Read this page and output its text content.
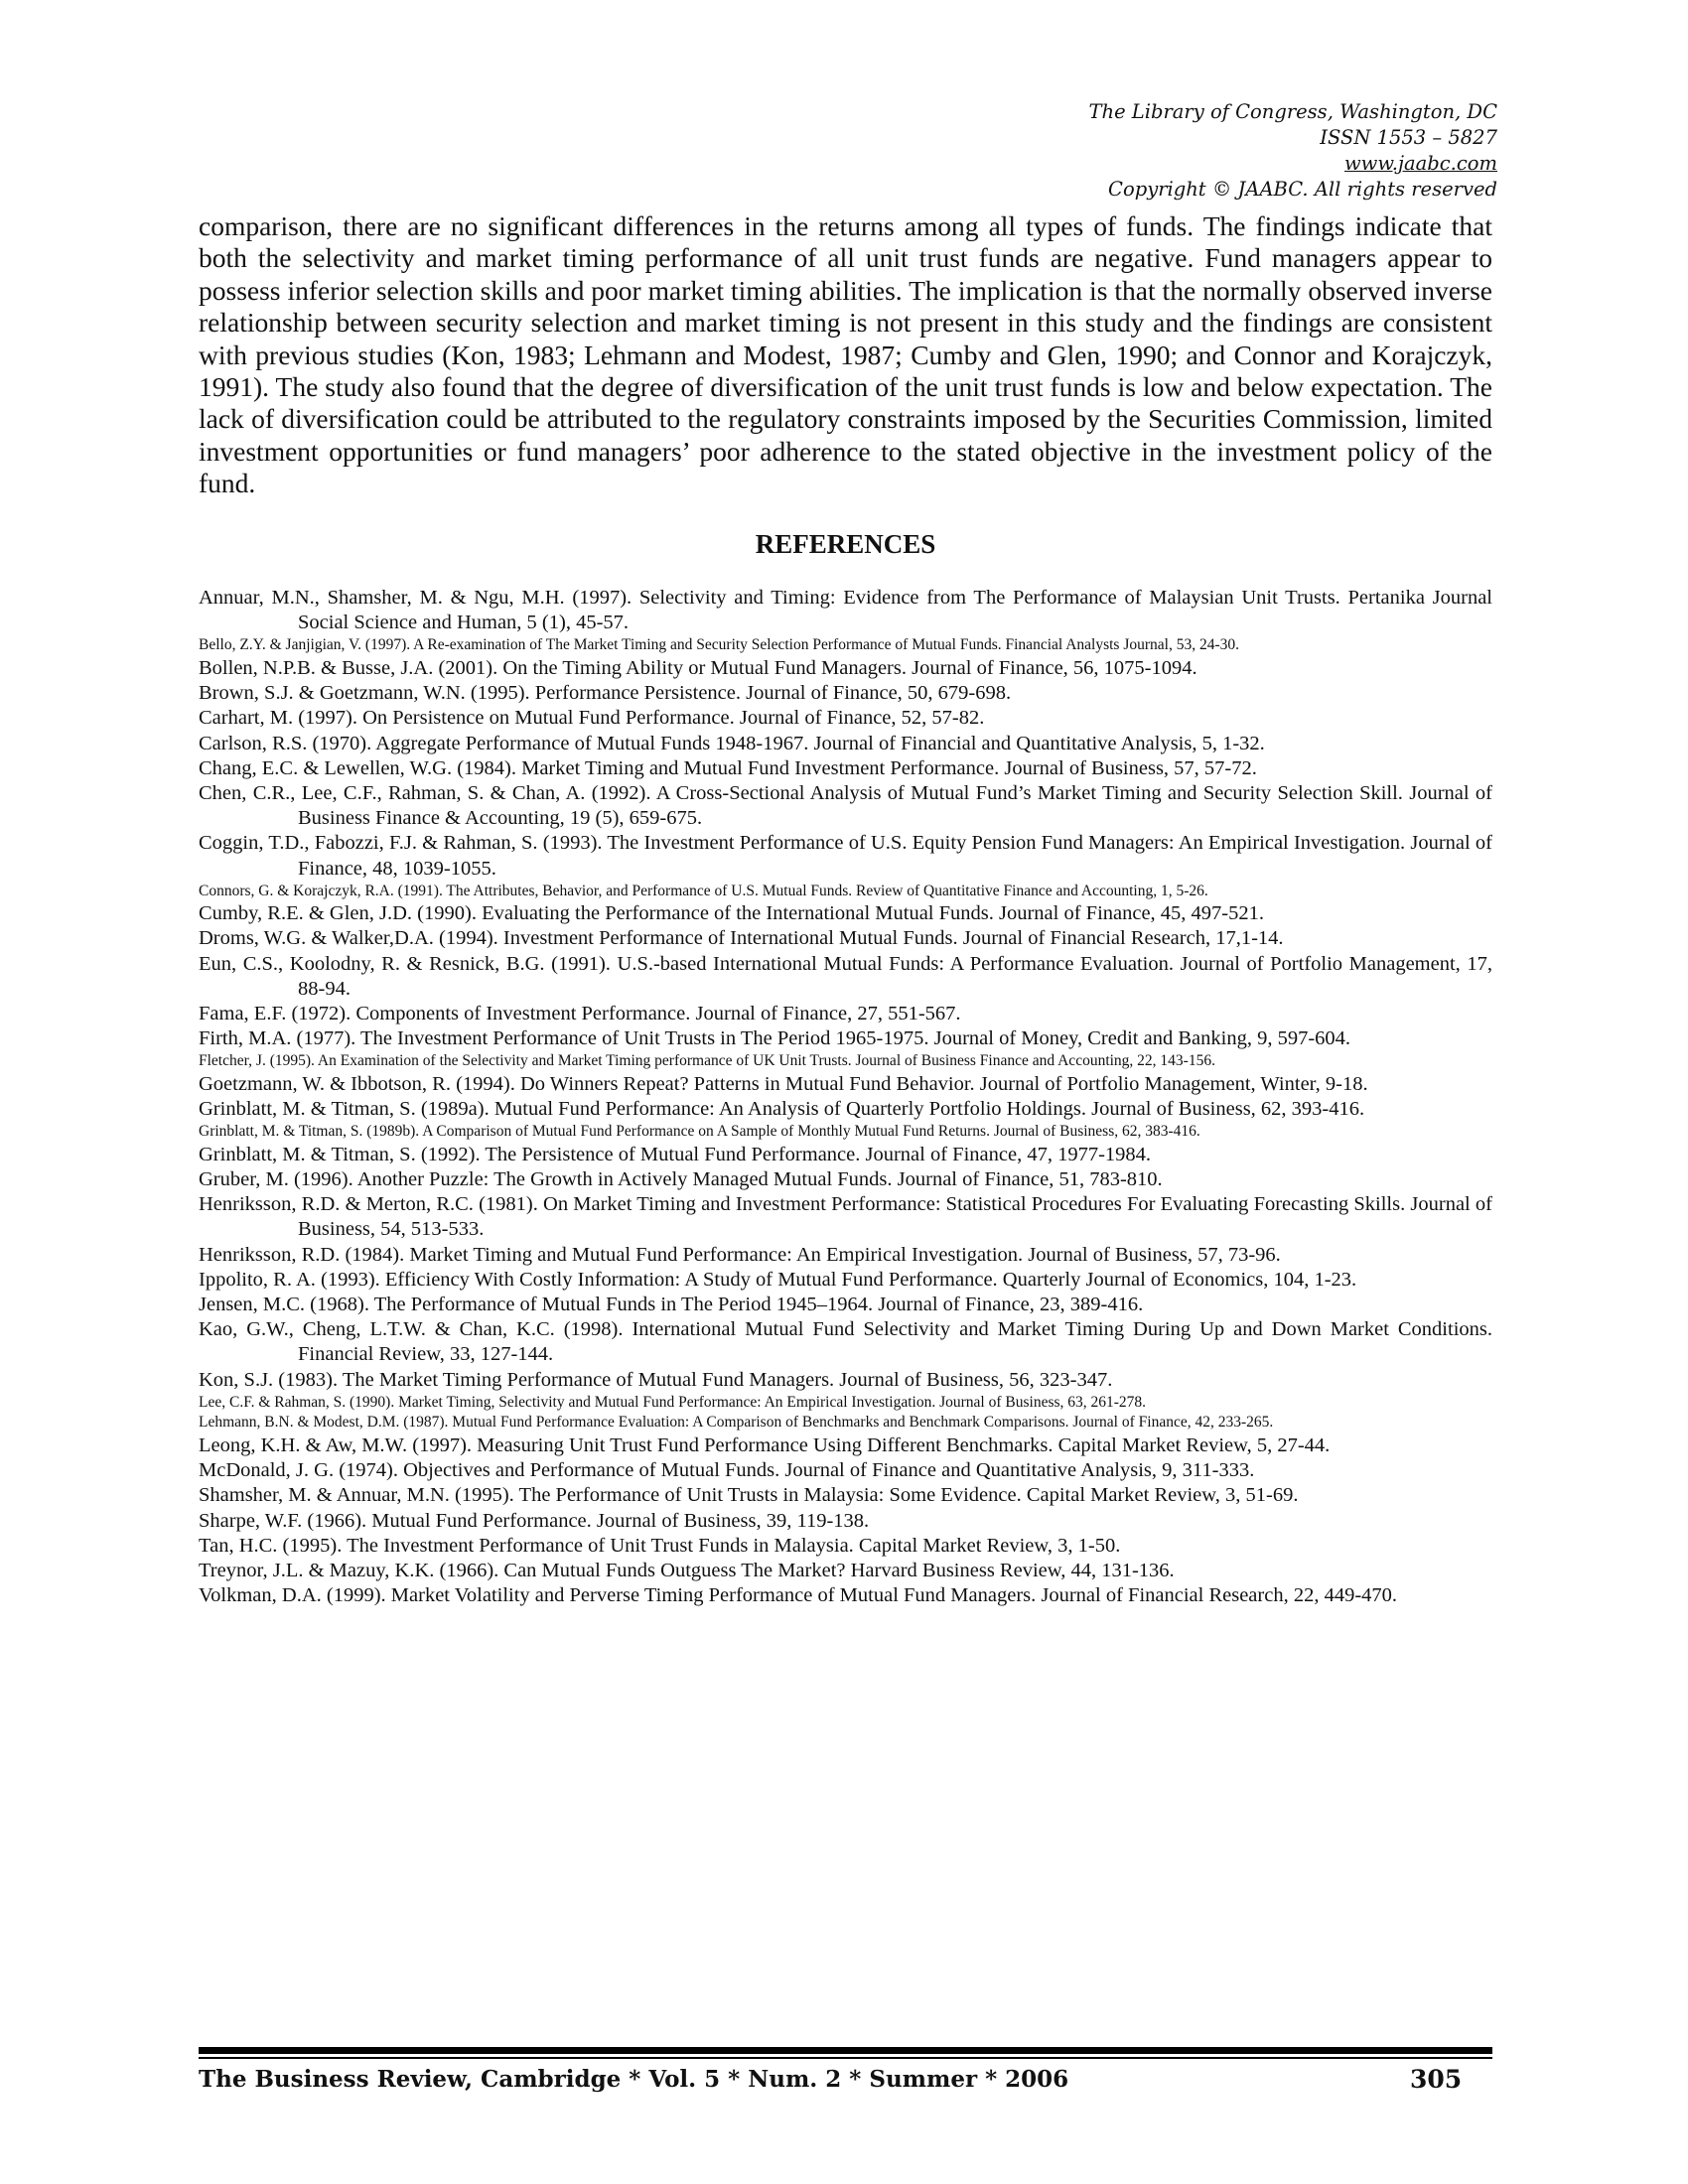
The Library of Congress, Washington, DC
ISSN 1553 – 5827
www.jaabc.com
Copyright © JAABC. All rights reserved

comparison, there are no significant differences in the returns among all types of funds. The findings indicate that both the selectivity and market timing performance of all unit trust funds are negative. Fund managers appear to possess inferior selection skills and poor market timing abilities. The implication is that the normally observed inverse relationship between security selection and market timing is not present in this study and the findings are consistent with previous studies (Kon, 1983; Lehmann and Modest, 1987; Cumby and Glen, 1990; and Connor and Korajczyk, 1991). The study also found that the degree of diversification of the unit trust funds is low and below expectation. The lack of diversification could be attributed to the regulatory constraints imposed by the Securities Commission, limited investment opportunities or fund managers’ poor adherence to the stated objective in the investment policy of the fund.

REFERENCES
Annuar, M.N., Shamsher, M. & Ngu, M.H. (1997). Selectivity and Timing: Evidence from The Performance of Malaysian Unit Trusts. Pertanika Journal Social Science and Human, 5 (1), 45-57.
Bello, Z.Y. & Janjigian, V. (1997). A Re-examination of The Market Timing and Security Selection Performance of Mutual Funds. Financial Analysts Journal, 53, 24-30.
Bollen, N.P.B. & Busse, J.A. (2001). On the Timing Ability or Mutual Fund Managers. Journal of Finance, 56, 1075-1094.
Brown, S.J. & Goetzmann, W.N. (1995). Performance Persistence. Journal of Finance, 50, 679-698.
Carhart, M. (1997). On Persistence on Mutual Fund Performance. Journal of Finance, 52, 57-82.
Carlson, R.S. (1970). Aggregate Performance of Mutual Funds 1948-1967. Journal of Financial and Quantitative Analysis, 5, 1-32.
Chang, E.C. & Lewellen, W.G. (1984). Market Timing and Mutual Fund Investment Performance. Journal of Business, 57, 57-72.
Chen, C.R., Lee, C.F., Rahman, S. & Chan, A. (1992). A Cross-Sectional Analysis of Mutual Fund’s Market Timing and Security Selection Skill. Journal of Business Finance & Accounting, 19 (5), 659-675.
Coggin, T.D., Fabozzi, F.J. & Rahman, S. (1993). The Investment Performance of U.S. Equity Pension Fund Managers: An Empirical Investigation. Journal of Finance, 48, 1039-1055.
Connors, G. & Korajczyk, R.A. (1991). The Attributes, Behavior, and Performance of U.S. Mutual Funds. Review of Quantitative Finance and Accounting, 1, 5-26.
Cumby, R.E. & Glen, J.D. (1990). Evaluating the Performance of the International Mutual Funds. Journal of Finance, 45, 497-521.
Droms, W.G. & Walker,D.A. (1994). Investment Performance of International Mutual Funds. Journal of Financial Research, 17,1-14.
Eun, C.S., Koolodny, R. & Resnick, B.G. (1991). U.S.-based International Mutual Funds: A Performance Evaluation. Journal of Portfolio Management, 17, 88-94.
Fama, E.F. (1972). Components of Investment Performance. Journal of Finance, 27, 551-567.
Firth, M.A. (1977). The Investment Performance of Unit Trusts in The Period 1965-1975. Journal of Money, Credit and Banking, 9, 597-604.
Fletcher, J. (1995). An Examination of the Selectivity and Market Timing performance of UK Unit Trusts. Journal of Business Finance and Accounting, 22, 143-156.
Goetzmann, W. & Ibbotson, R. (1994). Do Winners Repeat? Patterns in Mutual Fund Behavior. Journal of Portfolio Management, Winter, 9-18.
Grinblatt, M. & Titman, S. (1989a). Mutual Fund Performance: An Analysis of Quarterly Portfolio Holdings. Journal of Business, 62, 393-416.
Grinblatt, M. & Titman, S. (1989b). A Comparison of Mutual Fund Performance on A Sample of Monthly Mutual Fund Returns. Journal of Business, 62, 383-416.
Grinblatt, M. & Titman, S. (1992). The Persistence of Mutual Fund Performance. Journal of Finance, 47, 1977-1984.
Gruber, M. (1996). Another Puzzle: The Growth in Actively Managed Mutual Funds. Journal of Finance, 51, 783-810.
Henriksson, R.D. & Merton, R.C. (1981). On Market Timing and Investment Performance: Statistical Procedures For Evaluating Forecasting Skills. Journal of Business, 54, 513-533.
Henriksson, R.D. (1984). Market Timing and Mutual Fund Performance: An Empirical Investigation. Journal of Business, 57, 73-96.
Ippolito, R. A. (1993). Efficiency With Costly Information: A Study of Mutual Fund Performance. Quarterly Journal of Economics, 104, 1-23.
Jensen, M.C. (1968). The Performance of Mutual Funds in The Period 1945–1964. Journal of Finance, 23, 389-416.
Kao, G.W., Cheng, L.T.W. & Chan, K.C. (1998). International Mutual Fund Selectivity and Market Timing During Up and Down Market Conditions. Financial Review, 33, 127-144.
Kon, S.J. (1983). The Market Timing Performance of Mutual Fund Managers. Journal of Business, 56, 323-347.
Lee, C.F. & Rahman, S. (1990). Market Timing, Selectivity and Mutual Fund Performance: An Empirical Investigation. Journal of Business, 63, 261-278.
Lehmann, B.N. & Modest, D.M. (1987). Mutual Fund Performance Evaluation: A Comparison of Benchmarks and Benchmark Comparisons. Journal of Finance, 42, 233-265.
Leong, K.H. & Aw, M.W. (1997). Measuring Unit Trust Fund Performance Using Different Benchmarks. Capital Market Review, 5, 27-44.
McDonald, J. G. (1974). Objectives and Performance of Mutual Funds. Journal of Finance and Quantitative Analysis, 9, 311-333.
Shamsher, M. & Annuar, M.N. (1995). The Performance of Unit Trusts in Malaysia: Some Evidence. Capital Market Review, 3, 51-69.
Sharpe, W.F. (1966). Mutual Fund Performance. Journal of Business, 39, 119-138.
Tan, H.C. (1995). The Investment Performance of Unit Trust Funds in Malaysia. Capital Market Review, 3, 1-50.
Treynor, J.L. & Mazuy, K.K. (1966). Can Mutual Funds Outguess The Market? Harvard Business Review, 44, 131-136.
Volkman, D.A. (1999). Market Volatility and Perverse Timing Performance of Mutual Fund Managers. Journal of Financial Research, 22, 449-470.
The Business Review, Cambridge * Vol. 5 * Num. 2 * Summer * 2006	305
